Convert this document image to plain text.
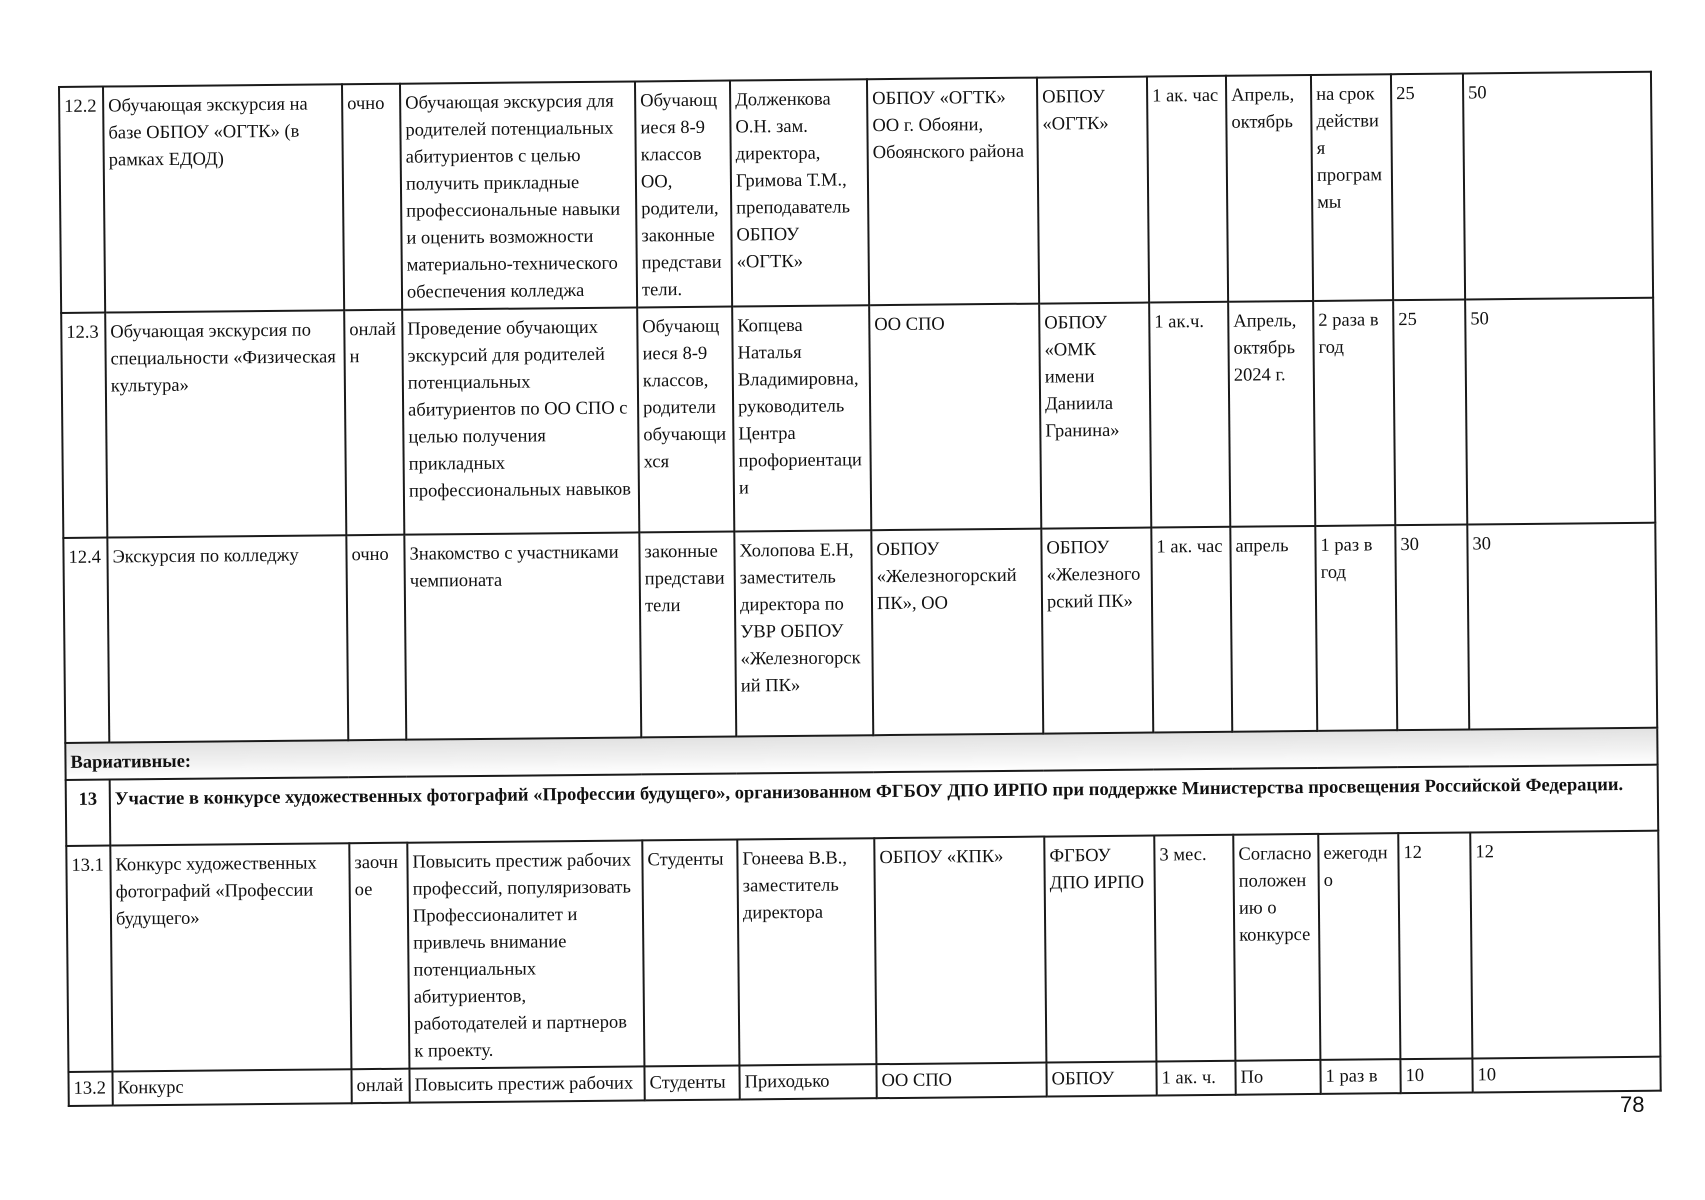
12.2	Обучающая экскурсия на базе ОБПОУ «ОГТК» (в рамках ЕДОД)	очно	Обучающая экскурсия для родителей потенциальных абитуриентов с целью получить прикладные профессиональные навыки и оценить возможности материально-технического обеспечения колледжа	Обучающиеся 8-9 классов ОО, родители, законные представители.	Долженкова О.Н. зам. директора, Гримова Т.М., преподаватель ОБПОУ «ОГТК»	ОБПОУ «ОГТК» ОО г. Обояни, Обоянского района	ОБПОУ «ОГТК»	1 ак. час	Апрель, октябрь	на срок действия программы	25	50
12.3	Обучающая экскурсия по специальности «Физическая культура»	онлайн	Проведение обучающих экскурсий для родителей потенциальных абитуриентов по ОО СПО с целью получения прикладных профессиональных навыков	Обучающиеся 8-9 классов, родители обучающихся	Копцева Наталья Владимировна, руководитель Центра профориентации	ОО СПО	ОБПОУ «ОМК имени Даниила Гранина»	1 ак.ч.	Апрель, октябрь 2024 г.	2 раза в год	25	50
12.4	Экскурсия по колледжу	очно	Знакомство с участниками чемпионата	законные представители	Холопова Е.Н, заместитель директора по УВР ОБПОУ «Железногорский ПК»	ОБПОУ «Железногорский ПК», ОО	ОБПОУ «Железногорский ПК»	1 ак. час	апрель	1 раз в год	30	30
Вариативные:												
13	Участие в конкурсе художественных фотографий «Профессии будущего», организованном ФГБОУ ДПО ИРПО при поддержке Министерства просвещения Российской Федерации.											
13.1	Конкурс художественных фотографий «Профессии будущего»	заочное	Повысить престиж рабочих профессий, популяризовать Профессионалитет и привлечь внимание потенциальных абитуриентов, работодателей и партнеров к проекту.	Студенты	Гонеева В.В., заместитель директора	ОБПОУ «КПК»	ФГБОУ ДПО ИРПО	3 мес.	Согласно положению о конкурсе	ежегодно	12	12
13.2	Конкурс	онлай	Повысить престиж рабочих	Студенты	Приходько	ОО СПО	ОБПОУ	1 ак. ч.	По	1 раз в	10	10
78
